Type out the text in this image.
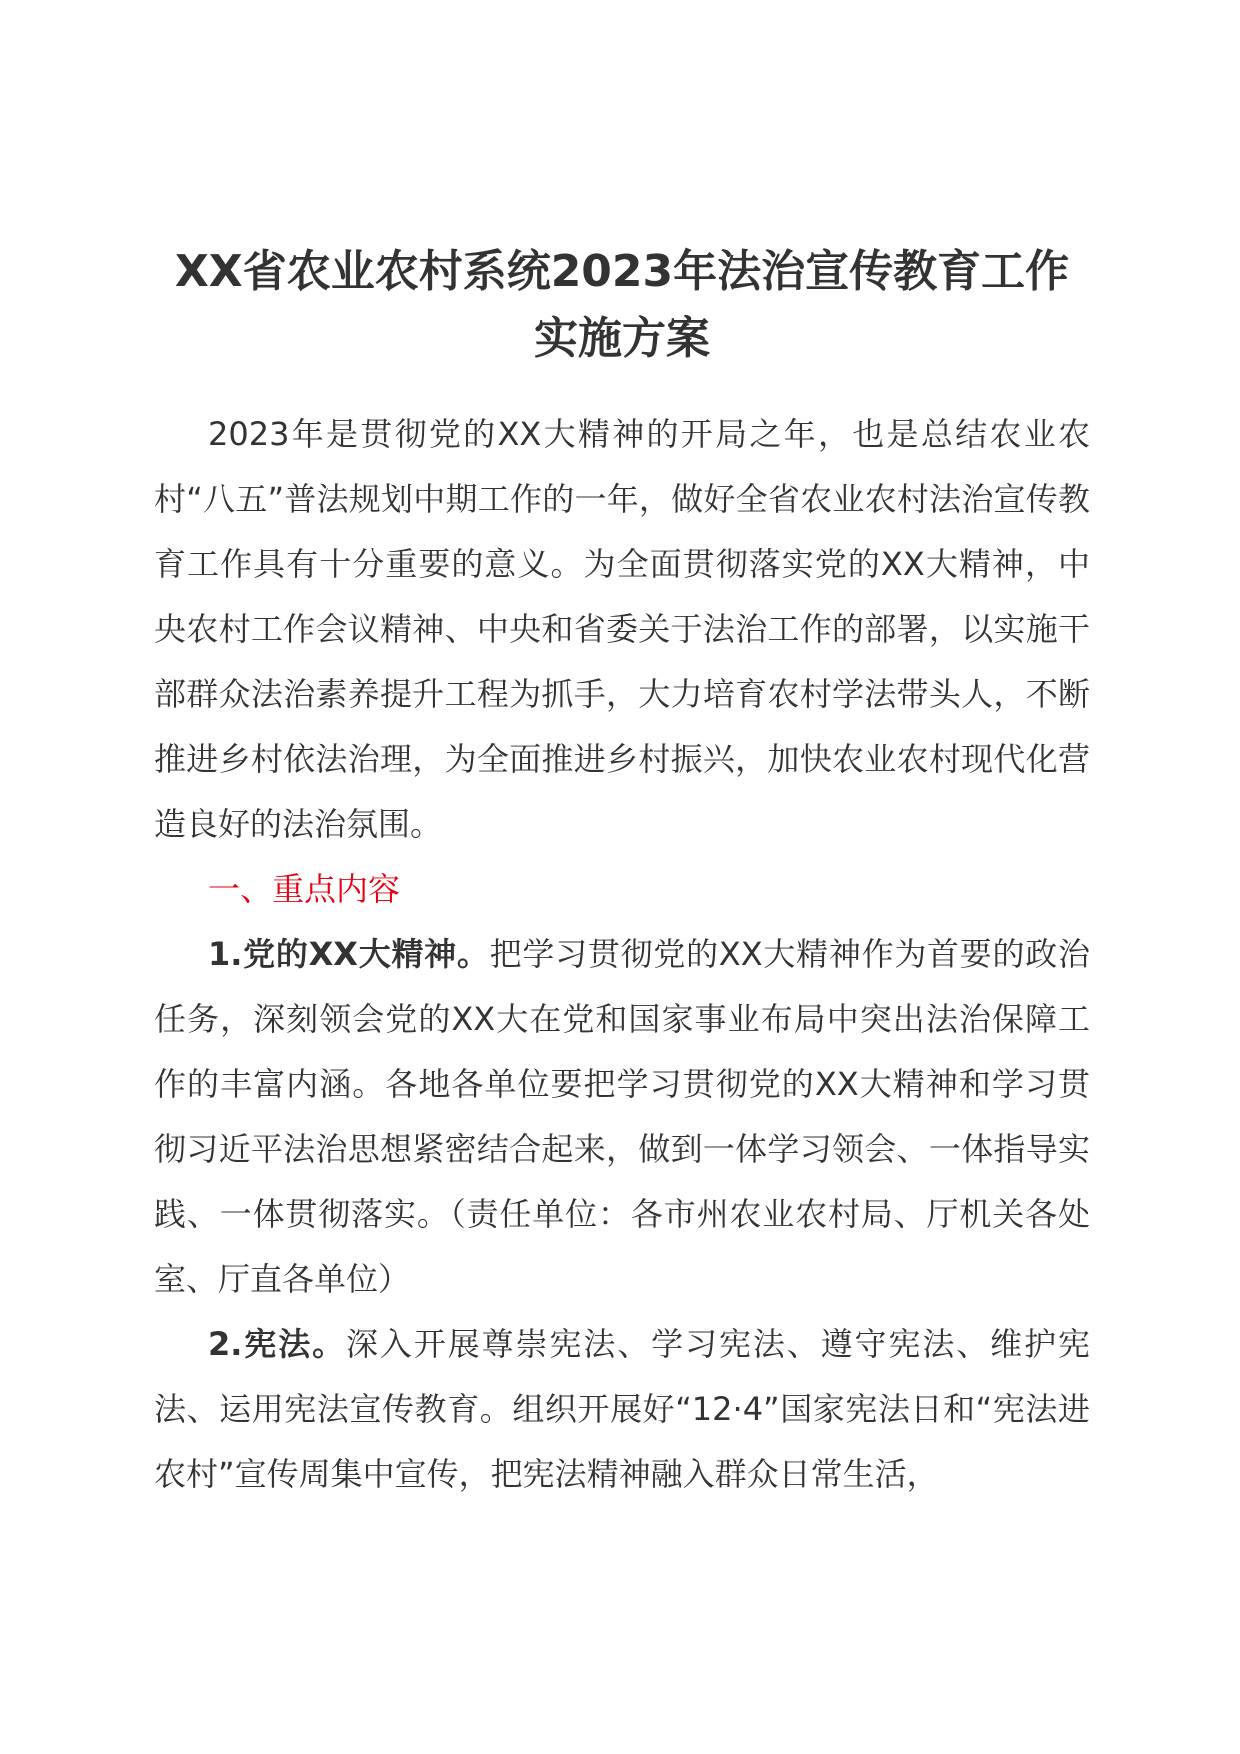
XX省农业农村系统2023年法治宣传教育工作实施方案

2023年是贯彻党的XX大精神的开局之年，也是总结农业农村“八五”普法规划中期工作的一年，做好全省农业农村法治宣传教育工作具有十分重要的意义。为全面贯彻落实党的XX大精神，中央农村工作会议精神、中央和省委关于法治工作的部署，以实施干部群众法治素养提升工程为抓手，大力培育农村学法带头人，不断推进乡村依法治理，为全面推进乡村振兴，加快农业农村现代化营造良好的法治氛围。

一、重点内容

1.党的XX大精神。把学习贯彻党的XX大精神作为首要的政治任务，深刻领会党的XX大在党和国家事业布局中突出法治保障工作的丰富内涵。各地各单位要把学习贯彻党的XX大精神和学习贯彻习近平法治思想紧密结合起来，做到一体学习领会、一体指导实践、一体贯彻落实。（责任单位：各市州农业农村局、厅机关各处室、厅直各单位）

2.宪法。深入开展尊崇宪法、学习宪法、遵守宪法、维护宪法、运用宪法宣传教育。组织开展好“12·4”国家宪法日和“宪法进农村”宣传周集中宣传，把宪法精神融入群众日常生活，
